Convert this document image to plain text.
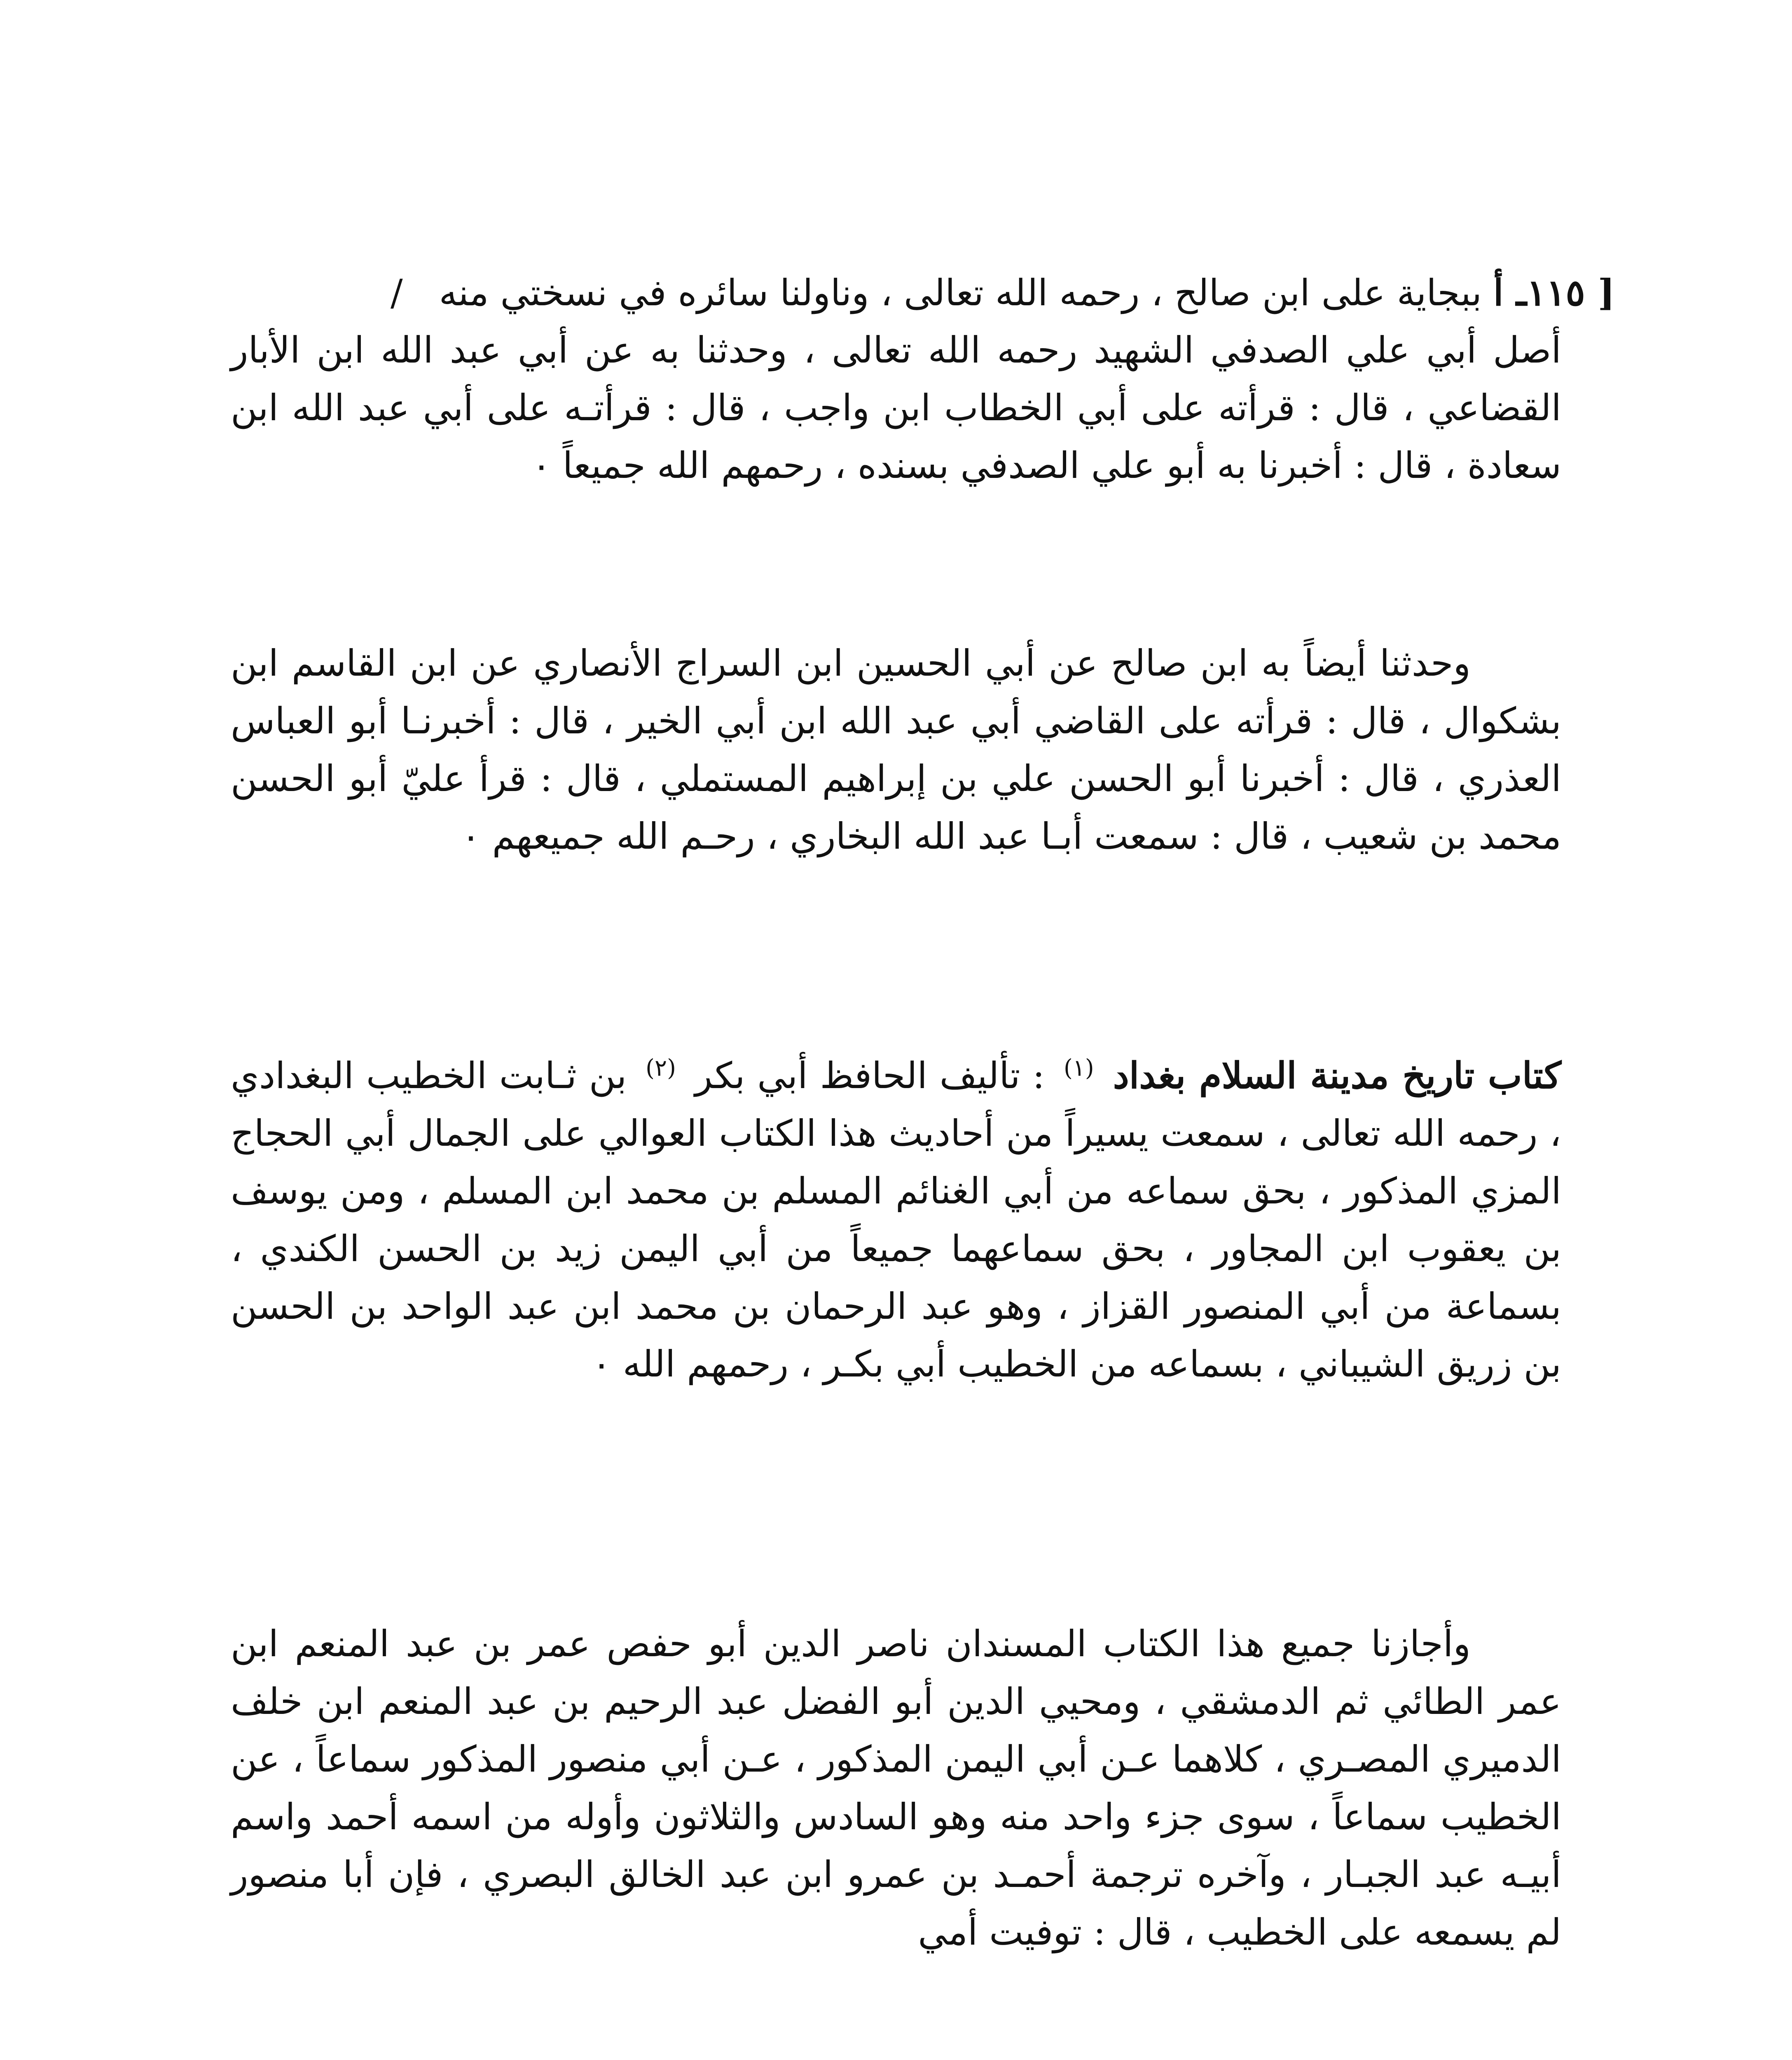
[ ١١٥ـ أ ببجاية على ابن صالح ، رحمه الله تعالى ، وناولنا سائره في نسختي منه /

أصل أبي علي الصدفي الشهيد رحمه الله تعالى ، وحدثنا به عن أبي عبد الله ابن الأبار القضاعي ، قال : قرأته على أبي الخطاب ابن واجب ، قال : قرأتـه على أبي عبد الله ابن سعادة ، قال : أخبرنا به أبو علي الصدفي بسنده ، رحمهم الله جميعاً ٠

وحدثنا أيضاً به ابن صالح عن أبي الحسين ابن السراج الأنصاري عن ابن القاسم ابن بشكوال ، قال : قرأته على القاضي أبي عبد الله ابن أبي الخير ، قال : أخبرنـا أبو العباس العذري ، قال : أخبرنا أبو الحسن علي بن إبراهيم المستملي ، قال : قرأ عليّ أبو الحسن محمد بن شعيب ، قال : سمعت أبـا عبد الله البخاري ، رحـم الله جميعهم ٠

كتاب تاريخ مدينة السلام بغداد $^{(١)}$ : تأليف الحافظ أبي بكر $^{(٢)}$ بن ثـابت الخطيب البغدادي ، رحمه الله تعالى ، سمعت يسيراً من أحاديث هذا الكتاب العوالي على الجمال أبي الحجاج المزي المذكور ، بحق سماعه من أبي الغنائم المسلم بن محمد ابن المسلم ، ومن يوسف بن يعقوب ابن المجاور ، بحق سماعهما جميعاً من أبي اليمن زيد بن الحسن الكندي ، بسماعة من أبي المنصور القزاز ، وهو عبد الرحمان بن محمد ابن عبد الواحد بن الحسن بن زريق الشيباني ، بسماعه من الخطيب أبي بكـر ، رحمهم الله ٠

وأجازنا جميع هذا الكتاب المسندان ناصر الدين أبو حفص عمر بن عبد المنعم ابن عمر الطائي ثم الدمشقي ، ومحيي الدين أبو الفضل عبد الرحيم بن عبد المنعم ابن خلف الدميري المصـري ، كلاهما عـن أبي اليمن المذكور ، عـن أبي منصور المذكور سماعاً ، عن الخطيب سماعاً ، سوى جزء واحد منه وهو السادس والثلاثون وأوله من اسمه أحمد واسم أبيـه عبد الجبـار ، وآخره ترجمة أحمـد بن عمرو ابن عبد الخالق البصري ، فإن أبا منصور لم يسمعه على الخطيب ، قال : توفيت أمي
